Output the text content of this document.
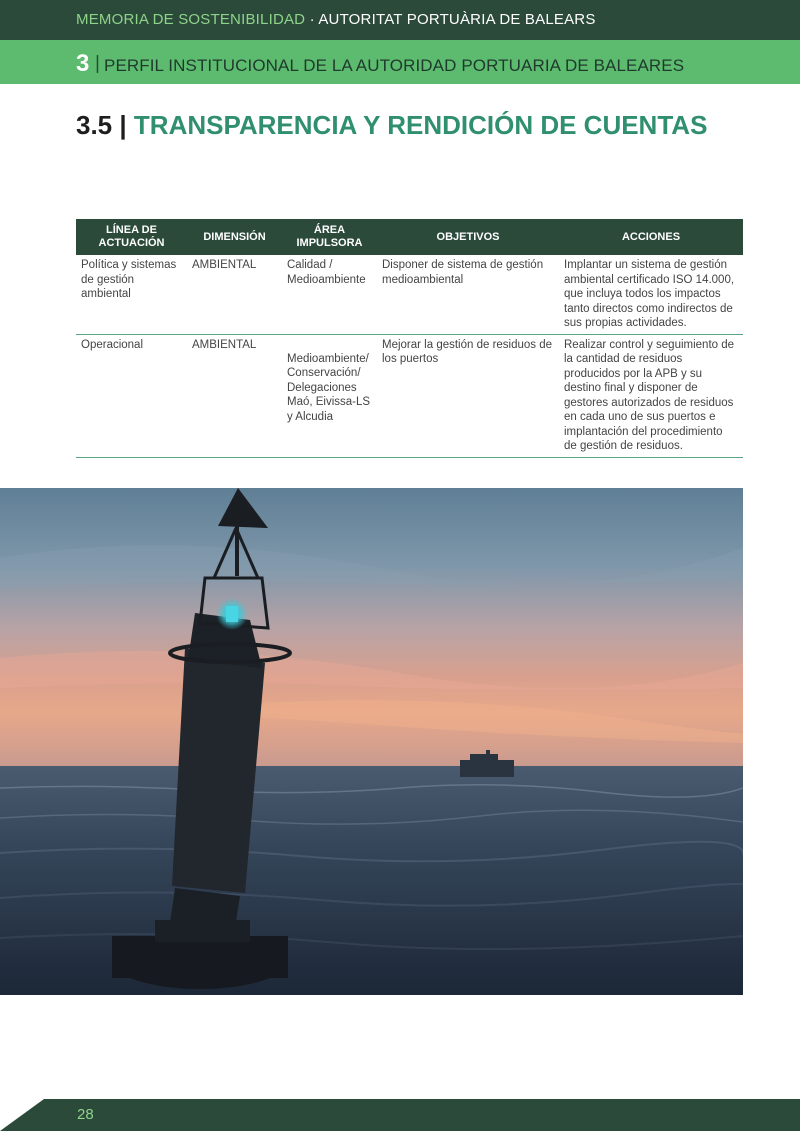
MEMORIA DE SOSTENIBILIDAD · AUTORITAT PORTUÀRIA DE BALEARS
3 | PERFIL INSTITUCIONAL DE LA AUTORIDAD PORTUARIA DE BALEARES
3.5 | TRANSPARENCIA Y RENDICIÓN DE CUENTAS
LÍNEA DE ACTUACIÓN	DIMENSIÓN	ÁREA IMPULSORA	OBJETIVOS	ACCIONES
Política y sistemas de gestión ambiental	AMBIENTAL	Calidad / Medioambiente	Disponer de sistema de gestión medioambiental	Implantar un sistema de gestión ambiental certificado ISO 14.000, que incluya todos los impactos tanto directos como indirectos de sus propias actividades.
Operacional	AMBIENTAL	Medioambiente/ Conservación/ Delegaciones Maó, Eivissa-LS y Alcudia	Mejorar la gestión de residuos de los puertos	Realizar control y seguimiento de la cantidad de residuos producidos por la APB y su destino final y disponer de gestores autorizados de residuos en cada uno de sus puertos e implantación del procedimiento de gestión de residuos.
28
